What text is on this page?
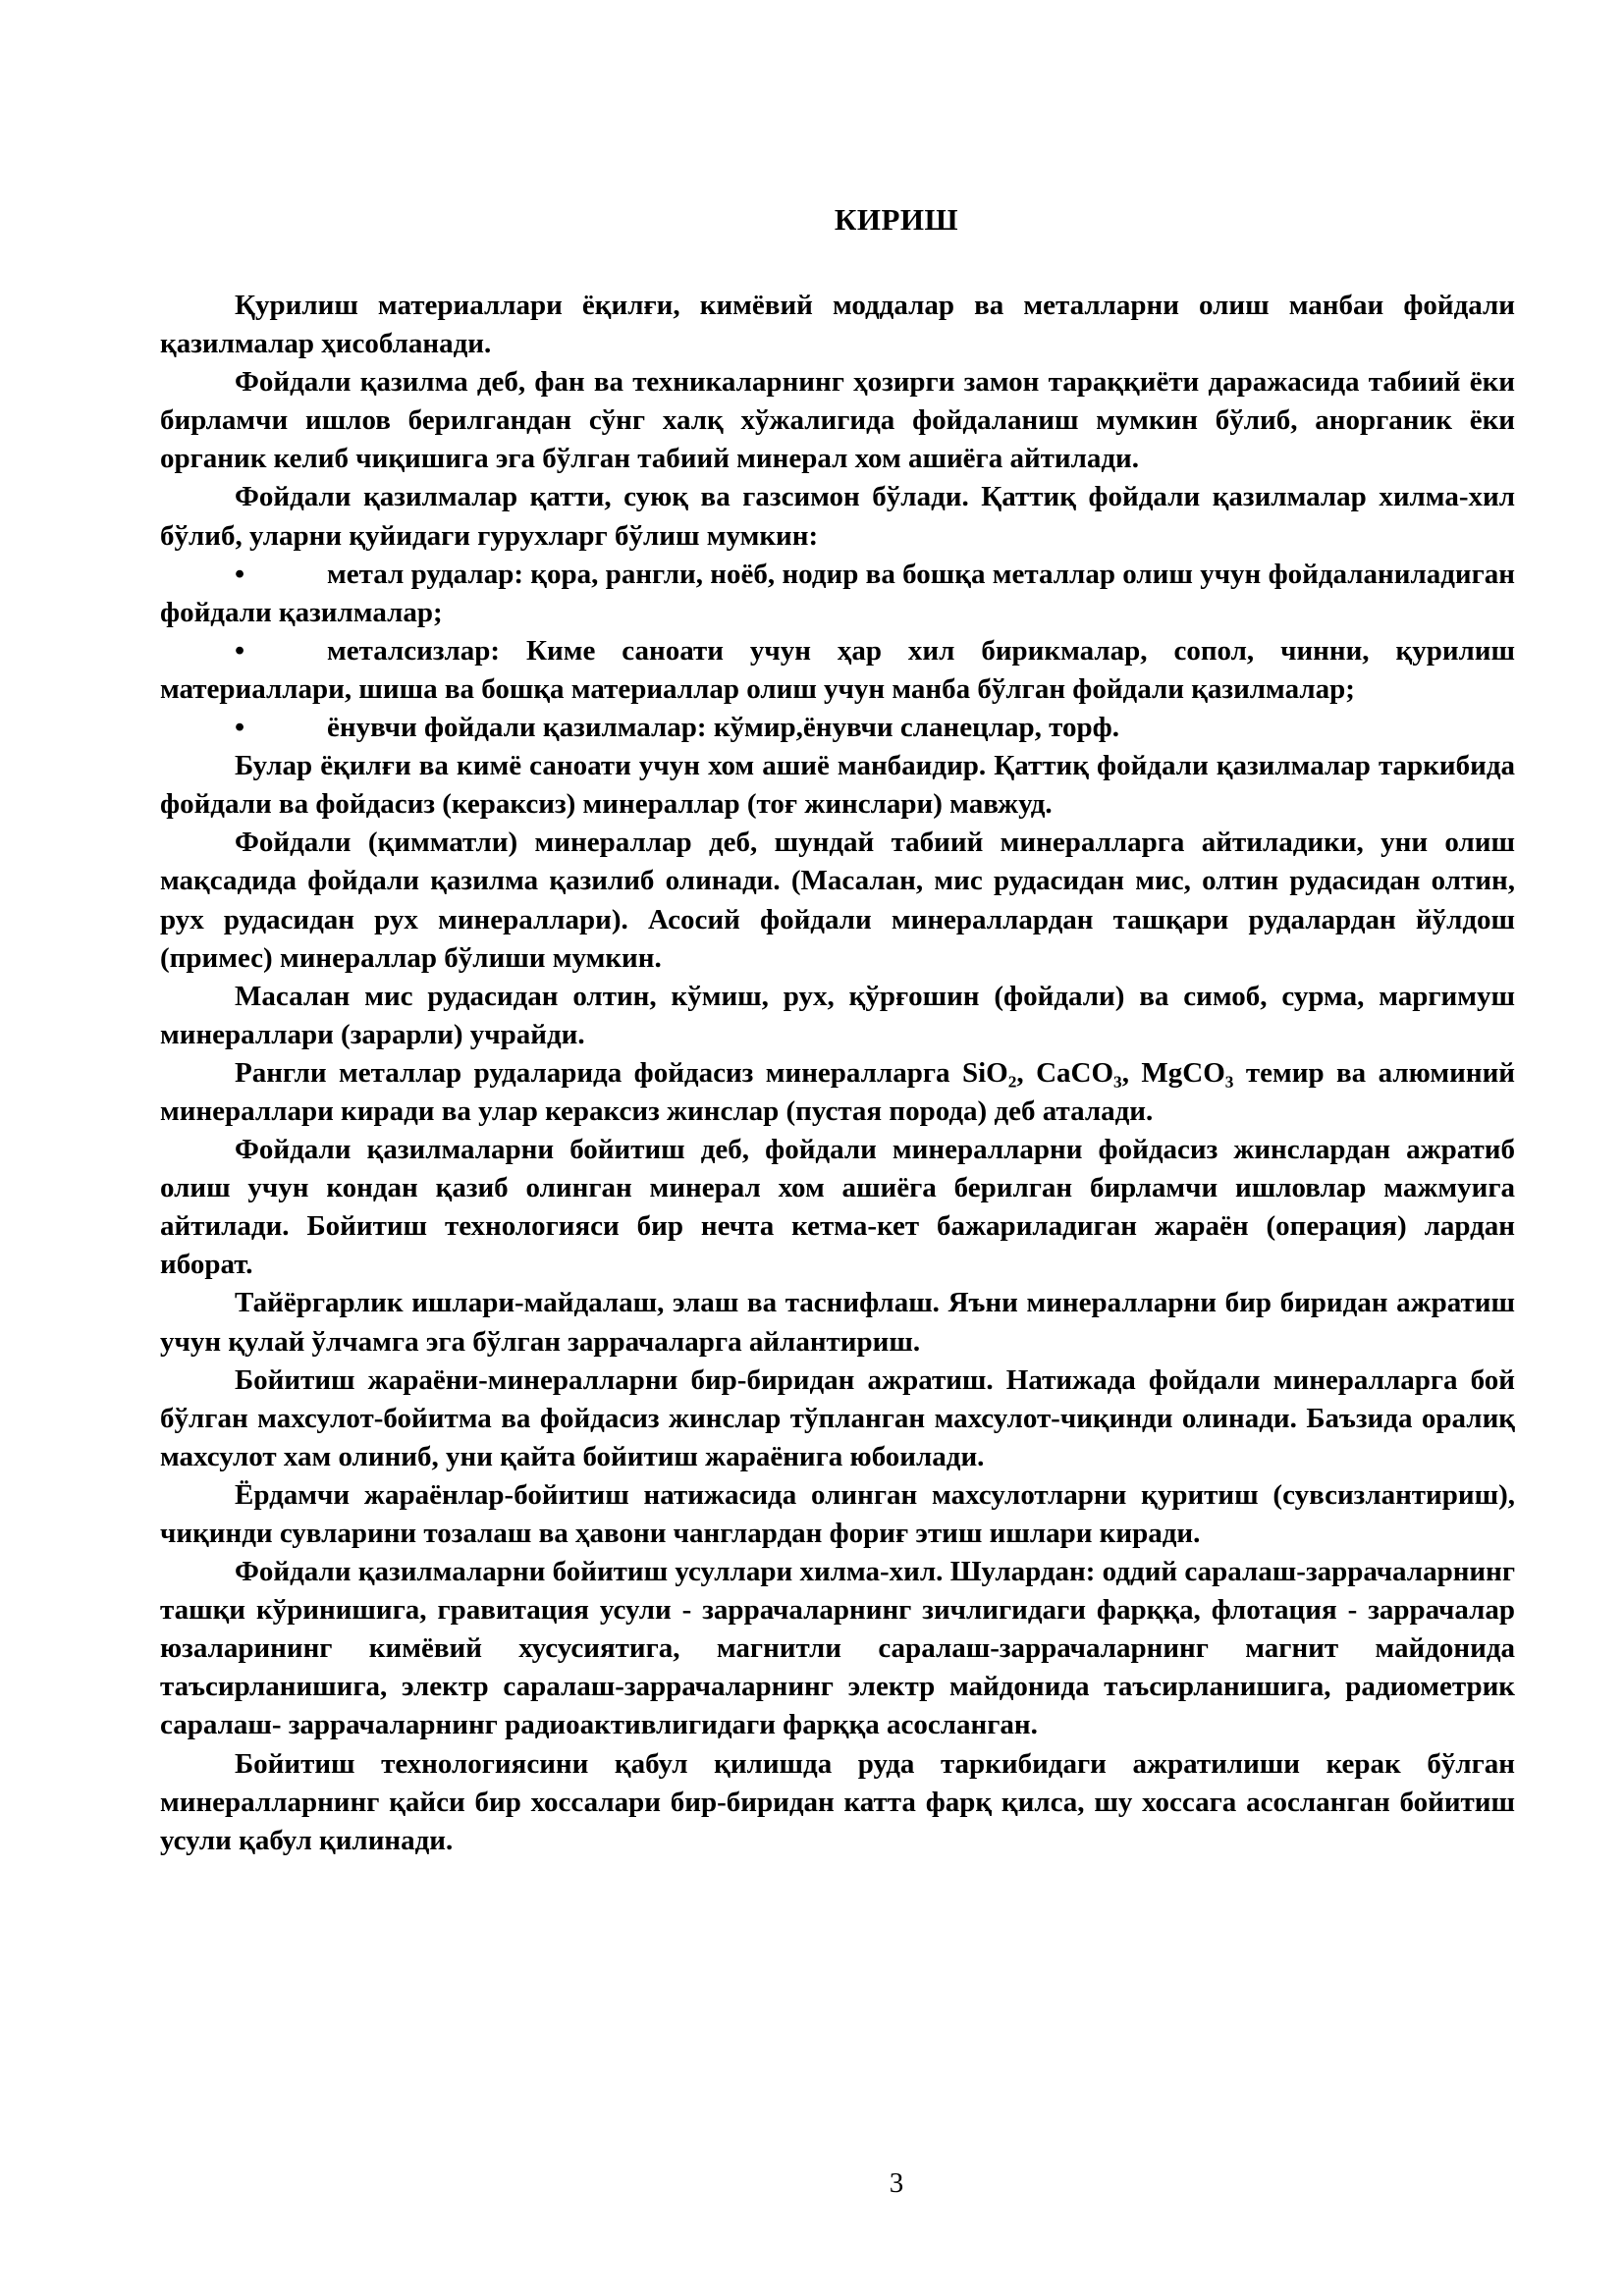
КИРИШ

Қурилиш материаллари ёқилғи, кимёвий моддалар ва металларни олиш манбаи фойдали қазилмалар ҳисобланади.

Фойдали қазилма деб, фан ва техникаларнинг ҳозирги замон тараққиёти даражасида табиий ёки бирламчи ишлов берилгандан сўнг халқ хўжалигида фойдаланиш мумкин бўлиб, анорганик ёки органик келиб чиқишига эга бўлган табиий минерал хом ашиёга айтилади.

Фойдали қазилмалар қатти, суюқ ва газсимон бўлади. Қаттиқ фойдали қазилмалар хилма-хил бўлиб, уларни қуйидаги гурухларг бўлиш мумкин:

•	метал рудалар: қора, рангли, ноёб, нодир ва бошқа металлар олиш учун фойдаланиладиган фойдали қазилмалар;

•	металсизлар: Киме саноати учун ҳар хил бирикмалар, сопол, чинни, қурилиш материаллари, шиша ва бошқа материаллар олиш учун манба бўлган фойдали қазилмалар;

•	ёнувчи фойдали қазилмалар: кўмир,ёнувчи сланецлар, торф.

Булар ёқилғи ва кимё саноати учун хом ашиё манбаидир. Қаттиқ фойдали қазилмалар таркибида фойдали ва фойдасиз (кераксиз) минераллар (тоғ жинслари) мавжуд.

Фойдали (қимматли) минераллар деб, шундай табиий минералларга айтиладики, уни олиш мақсадида фойдали қазилма қазилиб олинади. (Масалан, мис рудасидан мис, олтин рудасидан олтин, рух рудасидан рух минераллари). Асосий фойдали минераллардан ташқари рудалардан йўлдош (примес) минераллар бўлиши мумкин.

Масалан мис рудасидан олтин, кўмиш, рух, қўрғошин (фойдали) ва симоб, сурма, маргимуш минераллари (зарарли) учрайди.

Рангли металлар рудаларида фойдасиз минералларга SiO₂, CaCO₃, MgCO₃ темир ва алюминий минераллари киради ва улар кераксиз жинслар (пустая порода) деб аталади.

Фойдали қазилмаларни бойитиш деб, фойдали минералларни фойдасиз жинслардан ажратиб олиш учун кондан қазиб олинган минерал хом ашиёга берилган бирламчи ишловлар мажмуига айтилади. Бойитиш технологияси бир нечта кетма-кет бажариладиган жараён (операция) лардан иборат.

Тайёргарлик ишлари-майдалаш, элаш ва таснифлаш. Яъни минералларни бир биридан ажратиш учун қулай ўлчамга эга бўлган заррачаларга айлантириш.

Бойитиш жараёни-минералларни бир-биридан ажратиш. Натижада фойдали минералларга бой бўлган махсулот-бойитма ва фойдасиз жинслар тўпланган махсулот-чиқинди олинади. Баъзида оралиқ махсулот хам олиниб, уни қайта бойитиш жараёнига юбоилади.

Ёрдамчи жараёнлар-бойитиш натижасида олинган махсулотларни қуритиш (сувсизлантириш), чиқинди сувларини тозалаш ва ҳавони чанглардан фориғ этиш ишлари киради.

Фойдали қазилмаларни бойитиш усуллари хилма-хил. Шулардан: оддий саралаш-заррачаларнинг ташқи кўринишига, гравитация усули - заррачаларнинг зичлигидаги фарққа, флотация - заррачалар юзаларининг кимёвий хусусиятига, магнитли саралаш-заррачаларнинг магнит майдонида таъсирланишига, электр саралаш-заррачаларнинг электр майдонида таъсирланишига, радиометрик саралаш- заррачаларнинг радиоактивлигидаги фарққа асосланган.

Бойитиш технологиясини қабул қилишда руда таркибидаги ажратилиши керак бўлган минералларнинг қайси бир хоссалари бир-биридан катта фарқ қилса, шу хоссага асосланган бойитиш усули қабул қилинади.

3
